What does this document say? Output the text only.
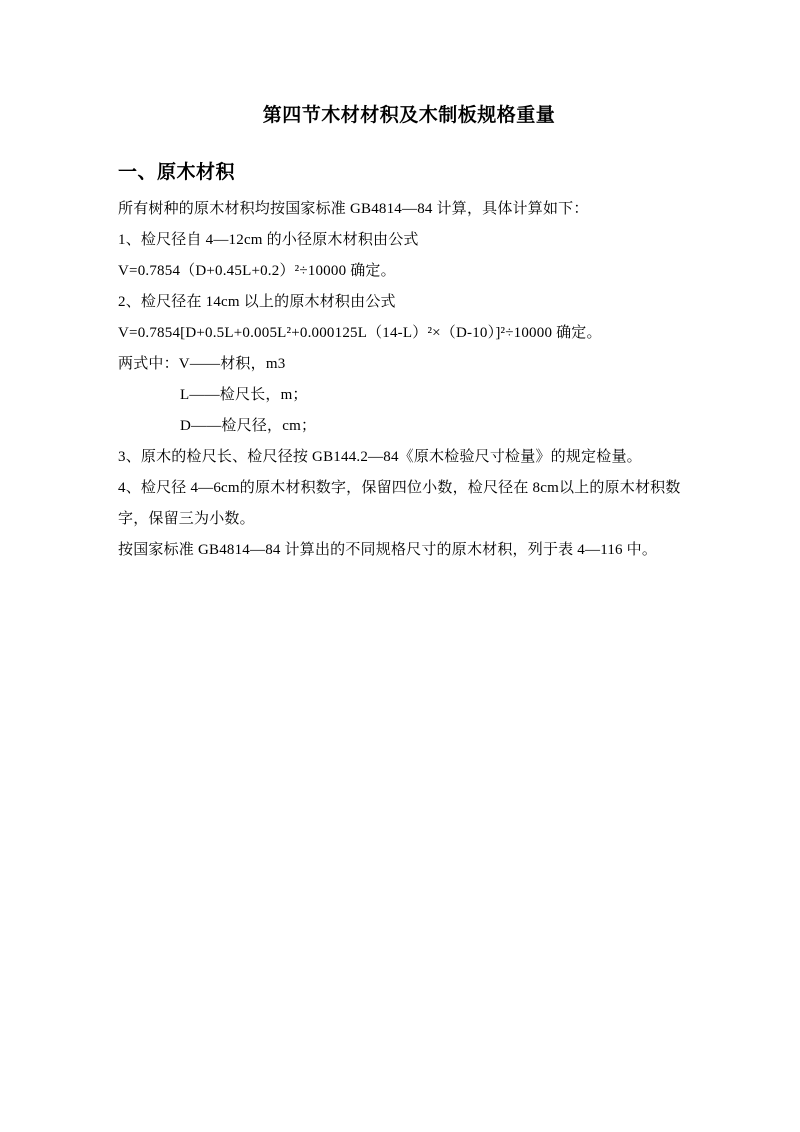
第四节木材材积及木制板规格重量
一、原木材积

所有树种的原木材积均按国家标准 GB4814—84 计算，具体计算如下：

1、检尺径自 4—12cm 的小径原木材积由公式

V=0.7854（D+0.45L+0.2）²÷10000 确定。

2、检尺径在 14cm 以上的原木材积由公式

V=0.7854[D+0.5L+0.005L²+0.000125L（14-L）²×（D-10）]²÷10000 确定。

两式中：V——材积，m3

L——检尺长，m；

D——检尺径，cm；

3、原木的检尺长、检尺径按 GB144.2—84《原木检验尺寸检量》的规定检量。

4、检尺径 4—6cm的原木材积数字，保留四位小数，检尺径在 8cm以上的原木材积数字，保留三为小数。

按国家标准 GB4814—84 计算出的不同规格尺寸的原木材积，列于表 4—116 中。
